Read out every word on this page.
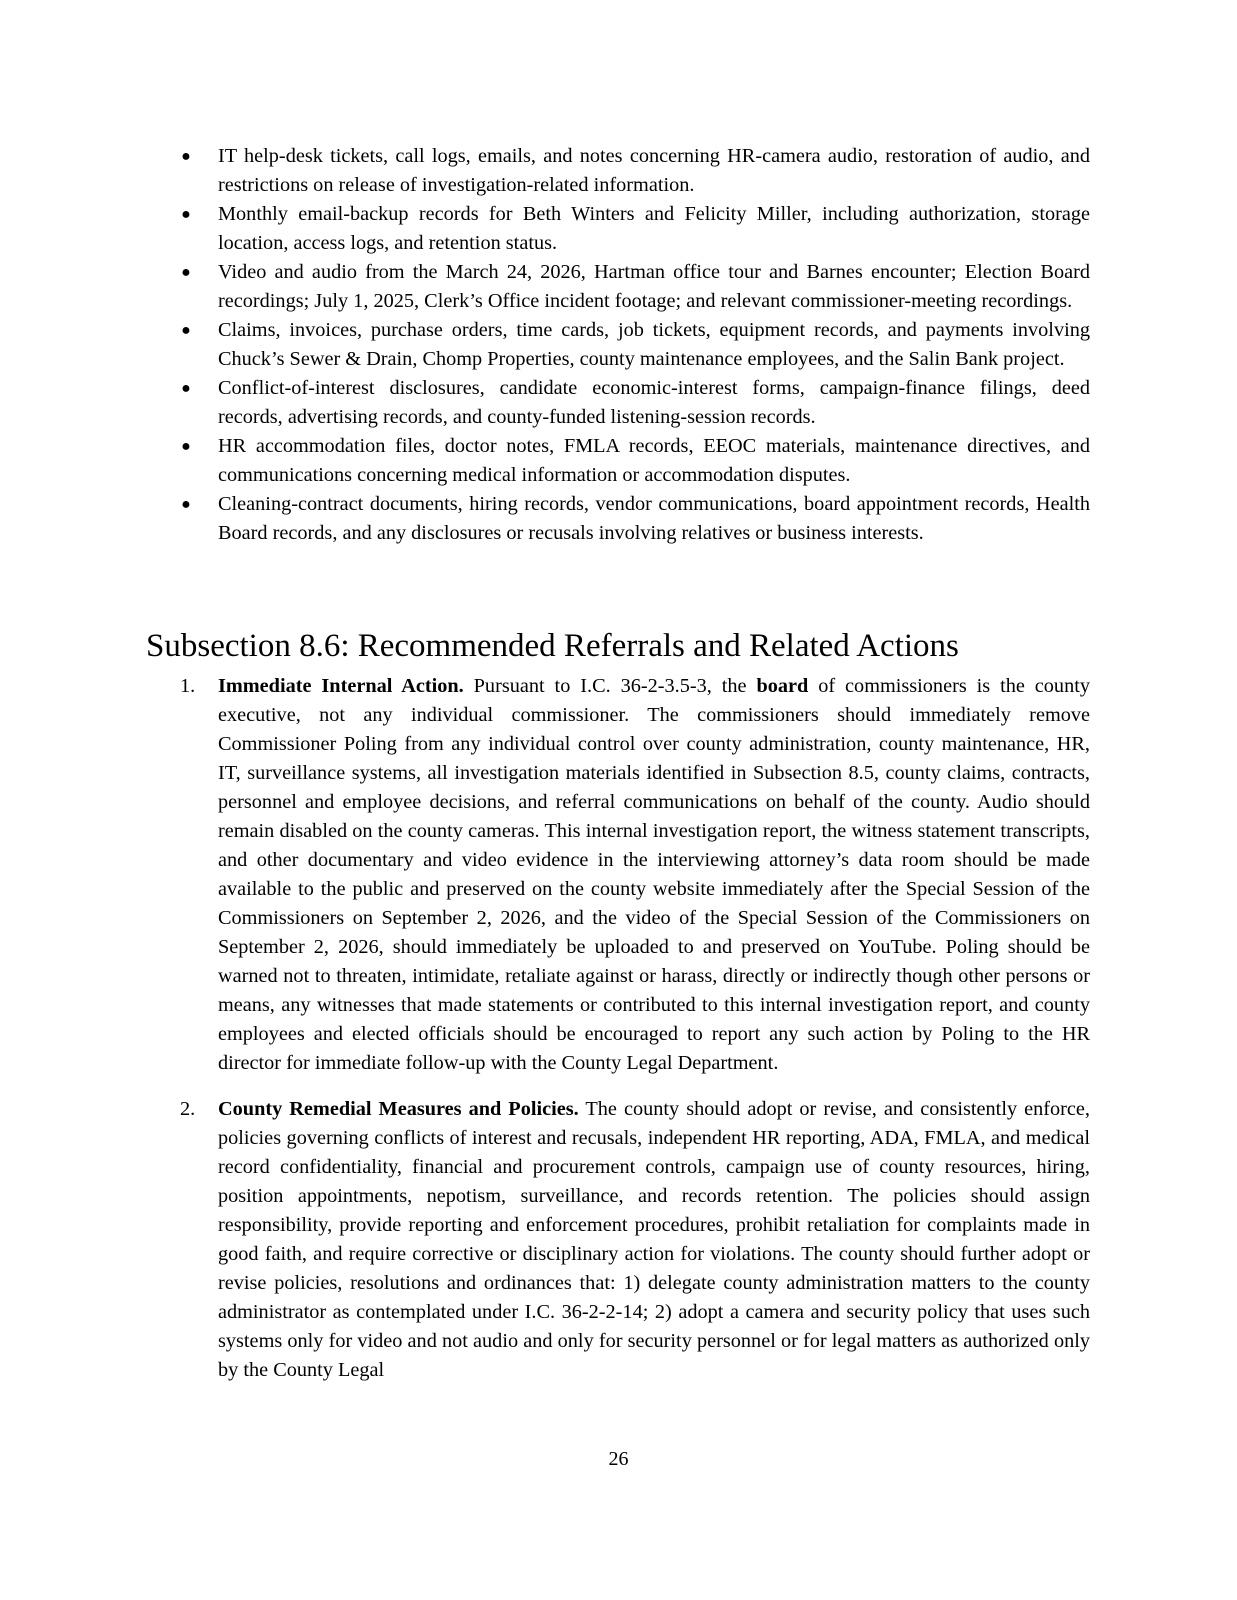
● IT help-desk tickets, call logs, emails, and notes concerning HR-camera audio, restoration of audio, and restrictions on release of investigation-related information.
● Monthly email-backup records for Beth Winters and Felicity Miller, including authorization, storage location, access logs, and retention status.
● Video and audio from the March 24, 2026, Hartman office tour and Barnes encounter; Election Board recordings; July 1, 2025, Clerk’s Office incident footage; and relevant commissioner-meeting recordings.
● Claims, invoices, purchase orders, time cards, job tickets, equipment records, and payments involving Chuck’s Sewer & Drain, Chomp Properties, county maintenance employees, and the Salin Bank project.
● Conflict-of-interest disclosures, candidate economic-interest forms, campaign-finance filings, deed records, advertising records, and county-funded listening-session records.
● HR accommodation files, doctor notes, FMLA records, EEOC materials, maintenance directives, and communications concerning medical information or accommodation disputes.
● Cleaning-contract documents, hiring records, vendor communications, board appointment records, Health Board records, and any disclosures or recusals involving relatives or business interests.
Subsection 8.6: Recommended Referrals and Related Actions
1. Immediate Internal Action. Pursuant to I.C. 36-2-3.5-3, the board of commissioners is the county executive, not any individual commissioner. The commissioners should immediately remove Commissioner Poling from any individual control over county administration, county maintenance, HR, IT, surveillance systems, all investigation materials identified in Subsection 8.5, county claims, contracts, personnel and employee decisions, and referral communications on behalf of the county. Audio should remain disabled on the county cameras. This internal investigation report, the witness statement transcripts, and other documentary and video evidence in the interviewing attorney’s data room should be made available to the public and preserved on the county website immediately after the Special Session of the Commissioners on September 2, 2026, and the video of the Special Session of the Commissioners on September 2, 2026, should immediately be uploaded to and preserved on YouTube. Poling should be warned not to threaten, intimidate, retaliate against or harass, directly or indirectly though other persons or means, any witnesses that made statements or contributed to this internal investigation report, and county employees and elected officials should be encouraged to report any such action by Poling to the HR director for immediate follow-up with the County Legal Department.
2. County Remedial Measures and Policies. The county should adopt or revise, and consistently enforce, policies governing conflicts of interest and recusals, independent HR reporting, ADA, FMLA, and medical record confidentiality, financial and procurement controls, campaign use of county resources, hiring, position appointments, nepotism, surveillance, and records retention. The policies should assign responsibility, provide reporting and enforcement procedures, prohibit retaliation for complaints made in good faith, and require corrective or disciplinary action for violations. The county should further adopt or revise policies, resolutions and ordinances that: 1) delegate county administration matters to the county administrator as contemplated under I.C. 36-2-2-14; 2) adopt a camera and security policy that uses such systems only for video and not audio and only for security personnel or for legal matters as authorized only by the County Legal
26
